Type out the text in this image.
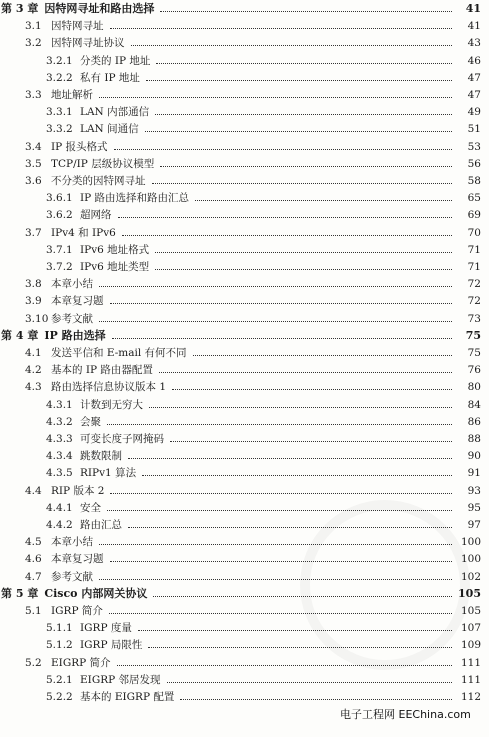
第 3 章 因特网寻址和路由选择	41
3.1 因特网寻址	41
3.2 因特网寻址协议	43
3.2.1 分类的 IP 地址	46
3.2.2 私有 IP 地址	47
3.3 地址解析	47
3.3.1 LAN 内部通信	49
3.3.2 LAN 间通信	51
3.4 IP 报头格式	53
3.5 TCP/IP 层级协议模型	56
3.6 不分类的因特网寻址	58
3.6.1 IP 路由选择和路由汇总	65
3.6.2 超网络	69
3.7 IPv4 和 IPv6	70
3.7.1 IPv6 地址格式	71
3.7.2 IPv6 地址类型	71
3.8 本章小结	72
3.9 本章复习题	72
3.10 参考文献	73
第 4 章 IP 路由选择	75
4.1 发送平信和 E-mail 有何不同	75
4.2 基本的 IP 路由器配置	76
4.3 路由选择信息协议版本 1	80
4.3.1 计数到无穷大	84
4.3.2 会聚	86
4.3.3 可变长度子网掩码	88
4.3.4 跳数限制	90
4.3.5 RIPv1 算法	91
4.4 RIP 版本 2	93
4.4.1 安全	95
4.4.2 路由汇总	97
4.5 本章小结	100
4.6 本章复习题	100
4.7 参考文献	102
第 5 章 Cisco 内部网关协议	105
5.1 IGRP 简介	105
5.1.1 IGRP 度量	107
5.1.2 IGRP 局限性	109
5.2 EIGRP 简介	111
5.2.1 EIGRP 邻居发现	111
5.2.2 基本的 EIGRP 配置	112
电子工程网 EEChina.com
